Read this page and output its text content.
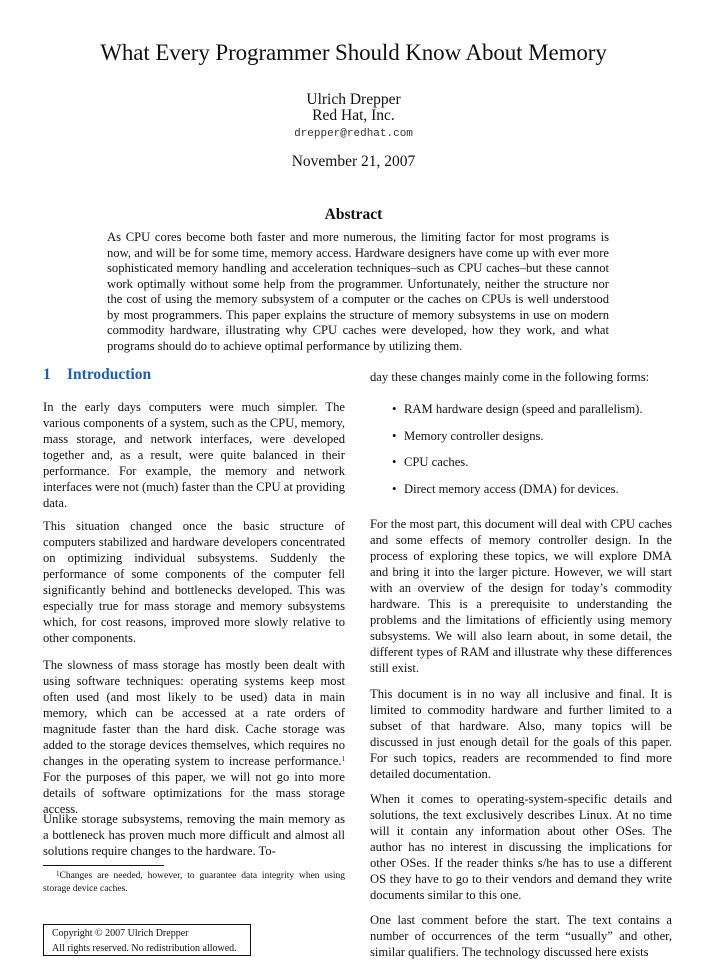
What Every Programmer Should Know About Memory
Ulrich Drepper
Red Hat, Inc.
drepper@redhat.com
November 21, 2007
Abstract
As CPU cores become both faster and more numerous, the limiting factor for most programs is now, and will be for some time, memory access. Hardware designers have come up with ever more sophisticated memory handling and acceleration techniques–such as CPU caches–but these cannot work optimally without some help from the programmer. Unfortunately, neither the structure nor the cost of using the memory subsystem of a computer or the caches on CPUs is well understood by most programmers. This paper explains the structure of memory subsystems in use on modern commodity hardware, illustrating why CPU caches were developed, how they work, and what programs should do to achieve optimal performance by utilizing them.
1 Introduction

In the early days computers were much simpler. The various components of a system, such as the CPU, memory, mass storage, and network interfaces, were developed together and, as a result, were quite balanced in their performance. For example, the memory and network interfaces were not (much) faster than the CPU at providing data.

This situation changed once the basic structure of computers stabilized and hardware developers concentrated on optimizing individual subsystems. Suddenly the performance of some components of the computer fell significantly behind and bottlenecks developed. This was especially true for mass storage and memory subsystems which, for cost reasons, improved more slowly relative to other components.

The slowness of mass storage has mostly been dealt with using software techniques: operating systems keep most often used (and most likely to be used) data in main memory, which can be accessed at a rate orders of magnitude faster than the hard disk. Cache storage was added to the storage devices themselves, which requires no changes in the operating system to increase performance.$^1$ For the purposes of this paper, we will not go into more details of software optimizations for the mass storage access.

Unlike storage subsystems, removing the main memory as a bottleneck has proven much more difficult and almost all solutions require changes to the hardware. To-

$^1$Changes are needed, however, to guarantee data integrity when using storage device caches.
Copyright © 2007 Ulrich Drepper
All rights reserved. No redistribution allowed.

day these changes mainly come in the following forms:

• RAM hardware design (speed and parallelism).
• Memory controller designs.
• CPU caches.
• Direct memory access (DMA) for devices.

For the most part, this document will deal with CPU caches and some effects of memory controller design. In the process of exploring these topics, we will explore DMA and bring it into the larger picture. However, we will start with an overview of the design for today’s commodity hardware. This is a prerequisite to understanding the problems and the limitations of efficiently using memory subsystems. We will also learn about, in some detail, the different types of RAM and illustrate why these differences still exist.

This document is in no way all inclusive and final. It is limited to commodity hardware and further limited to a subset of that hardware. Also, many topics will be discussed in just enough detail for the goals of this paper. For such topics, readers are recommended to find more detailed documentation.

When it comes to operating-system-specific details and solutions, the text exclusively describes Linux. At no time will it contain any information about other OSes. The author has no interest in discussing the implications for other OSes. If the reader thinks s/he has to use a different OS they have to go to their vendors and demand they write documents similar to this one.

One last comment before the start. The text contains a number of occurrences of the term “usually” and other, similar qualifiers. The technology discussed here exists
